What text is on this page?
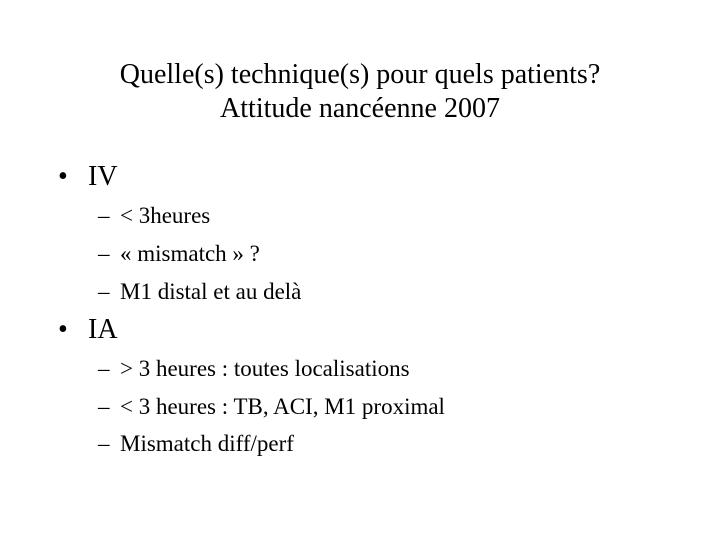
Quelle(s) technique(s) pour quels patients?
Attitude nancéenne 2007
• IV
– < 3heures
– « mismatch » ?
– M1 distal et au delà
• IA
– > 3 heures : toutes localisations
– < 3 heures : TB, ACI, M1 proximal
– Mismatch diff/perf
